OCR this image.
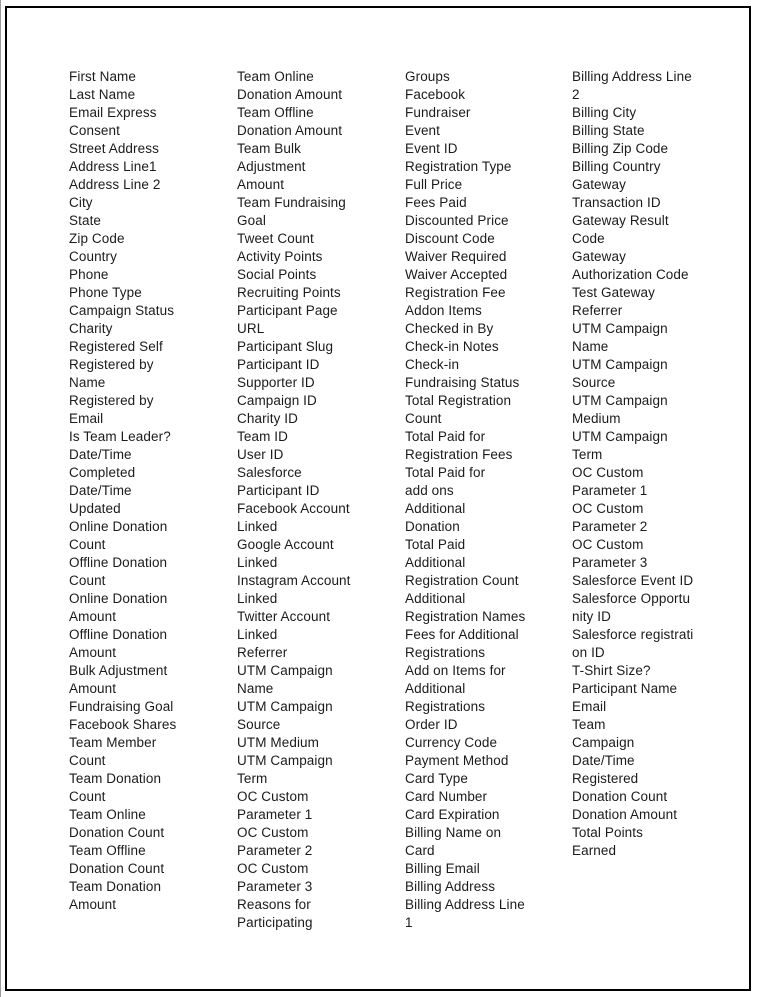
First Name
Last Name
Email Express
Consent
Street Address
Address Line1
Address Line 2
City
State
Zip Code
Country
Phone
Phone Type
Campaign Status
Charity
Registered Self
Registered by
Name
Registered by
Email
Is Team Leader?
Date/Time
Completed
Date/Time
Updated
Online Donation
Count
Offline Donation
Count
Online Donation
Amount
Offline Donation
Amount
Bulk Adjustment
Amount
Fundraising Goal
Facebook Shares
Team Member
Count
Team Donation
Count
Team Online
Donation Count
Team Offline
Donation Count
Team Donation
Amount
Team Online
Donation Amount
Team Offline
Donation Amount
Team Bulk
Adjustment
Amount
Team Fundraising
Goal
Tweet Count
Activity Points
Social Points
Recruiting Points
Participant Page
URL
Participant Slug
Participant ID
Supporter ID
Campaign ID
Charity ID
Team ID
User ID
Salesforce
Participant ID
Facebook Account
Linked
Google Account
Linked
Instagram Account
Linked
Twitter Account
Linked
Referrer
UTM Campaign
Name
UTM Campaign
Source
UTM Medium
UTM Campaign
Term
OC Custom
Parameter 1
OC Custom
Parameter 2
OC Custom
Parameter 3
Reasons for
Participating
Groups
Facebook
Fundraiser
Event
Event ID
Registration Type
Full Price
Fees Paid
Discounted Price
Discount Code
Waiver Required
Waiver Accepted
Registration Fee
Addon Items
Checked in By
Check-in Notes
Check-in
Fundraising Status
Total Registration
Count
Total Paid for
Registration Fees
Total Paid for
add ons
Additional
Donation
Total Paid
Additional
Registration Count
Additional
Registration Names
Fees for Additional
Registrations
Add on Items for
Additional
Registrations
Order ID
Currency Code
Payment Method
Card Type
Card Number
Card Expiration
Billing Name on
Card
Billing Email
Billing Address
Billing Address Line
1
Billing Address Line
2
Billing City
Billing State
Billing Zip Code
Billing Country
Gateway
Transaction ID
Gateway Result
Code
Gateway
Authorization Code
Test Gateway
Referrer
UTM Campaign
Name
UTM Campaign
Source
UTM Campaign
Medium
UTM Campaign
Term
OC Custom
Parameter 1
OC Custom
Parameter 2
OC Custom
Parameter 3
Salesforce Event ID
Salesforce Opportu
nity ID
Salesforce registrati
on ID
T-Shirt Size?
Participant Name
Email
Team
Campaign
Date/Time
Registered
Donation Count
Donation Amount
Total Points
Earned
